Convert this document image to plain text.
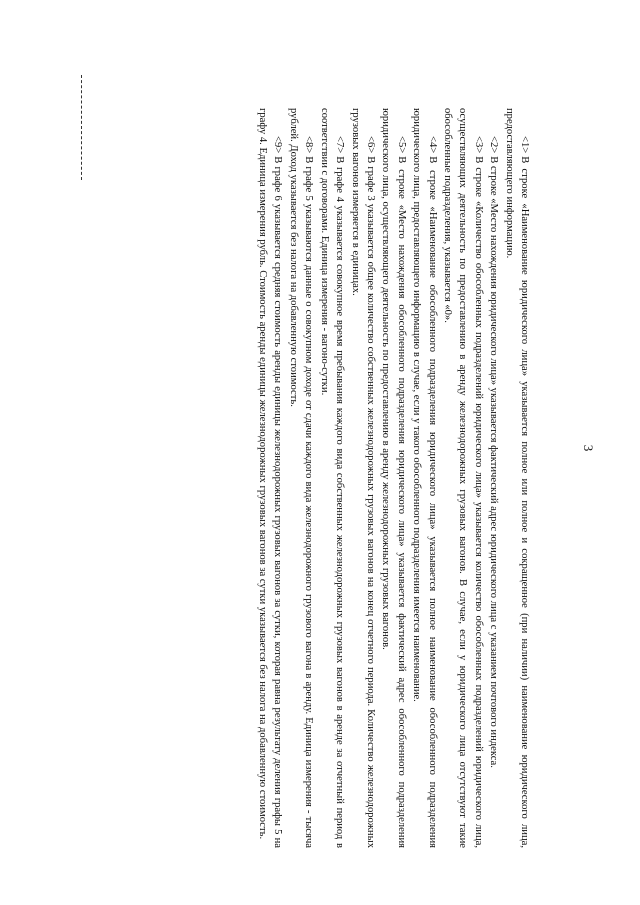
3

<1>В строке «Наименование юридического лица» указывается полное или полное и сокращенное (при наличии) наименование юридического лица, предоставляющего информацию.

<2>В строке «Место нахождения юридического лица» указывается фактический адрес юридического лица с указанием почтового индекса.

<3>В строке «Количество обособленных подразделений юридического лица» указывается количество обособленных подразделений юридического лица, осуществляющих деятельность по предоставлению в аренду железнодорожных грузовых вагонов. В случае, если у юридического лица отсутствуют такие обособленные подразделения, указывается «0».

<4>В строке «Наименование обособленного подразделения юридического лица» указывается полное наименование обособленного подразделения юридического лица, предоставляющего информацию в случае, если у такого обособленного подразделения имеется наименование.

<5>В строке «Место нахождения обособленного подразделения юридического лица» указывается фактический адрес обособленного подразделения юридического лица, осуществляющего деятельность по предоставлению в аренду железнодорожных грузовых вагонов.

<6>В графе 3 указывается общее количество собственных железнодорожных грузовых вагонов на конец отчетного периода. Количество железнодорожных грузовых вагонов измеряется в единицах.

<7>В графе 4 указывается совокупное время пребывания каждого вида собственных железнодорожных грузовых вагонов в аренде за отчетный период в соответствии с договорами. Единица измерения - вагоно-сутки.

<8>В графе 5 указываются данные о совокупном доходе от сдачи каждого вида железнодорожного грузового вагона в аренду. Единица измерения - тысяча рублей. Доход указывается без налога на добавленную стоимость.

<9>В графе 6 указывается средняя стоимость аренды единицы железнодорожных грузовых вагонов за сутки, которая равна результату деления графы 5 на графу 4. Единица измерения рубль. Стоимость аренды единицы железнодорожных грузовых вагонов за сутки указывается без налога на добавленную стоимость.
